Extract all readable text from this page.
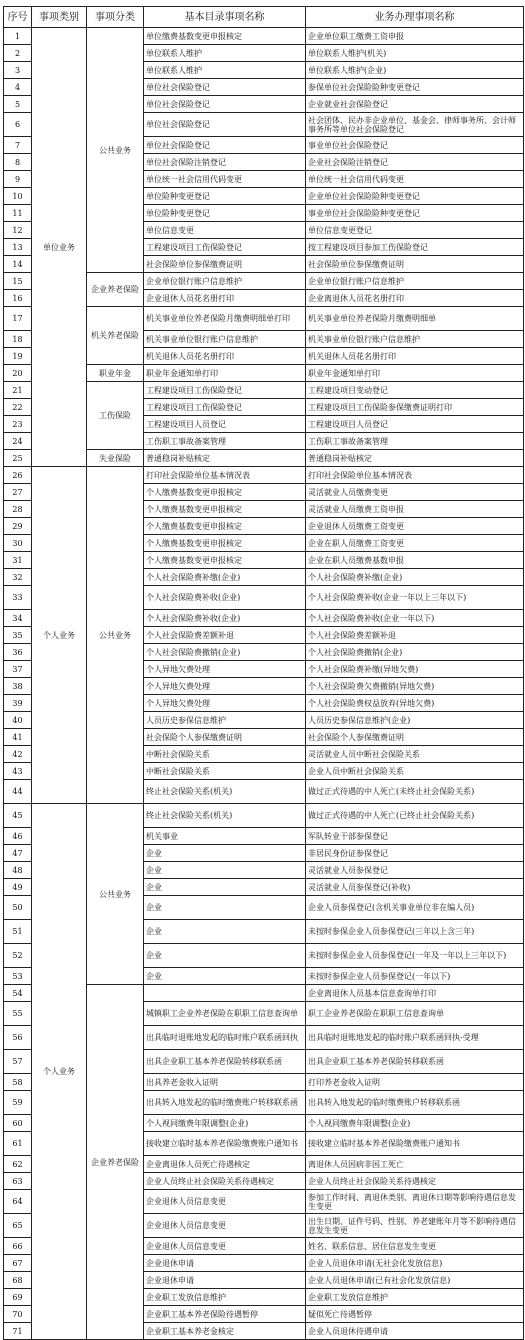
序号	事项类别	事项分类	基本目录事项名称	业务办理事项名称
1	单位业务	公共业务	单位缴费基数变更申报核定	企业单位职工缴费工资申报
2			单位联系人维护	单位联系人维护(机关)
3			单位联系人维护	单位联系人维护(企业)
4			单位社会保险登记	参保单位社会保险险种变更登记
5			单位社会保险登记	企业就业社会保险登记
6			单位社会保险登记	社会团体、民办非企业单位、基金会、律师事务所、会计师事务所等单位社会保险登记
7			单位社会保险登记	事业单位社会保险登记
8			单位社会保险注销登记	企业社会保险注销登记
9			单位统一社会信用代码变更	单位统一社会信用代码变更
10			单位险种变更登记	企业单位社会保险险种变更登记
11			单位险种变更登记	事业单位社会保险险种变更登记
12			单位信息变更	单位信息变更登记
13			工程建设项目工伤保险登记	按工程建设项目参加工伤保险登记
14			社会保险单位参保缴费证明	社会保险单位参保缴费证明
15		企业养老保险	企业单位银行账户信息维护	企业单位银行账户信息维护
16			企业退休人员花名册打印	企业离退休人员花名册打印
17		机关养老保险	机关事业单位养老保险月缴费明细单打印	机关事业单位养老保险月缴费明细单
18			机关事业单位银行账户信息维护	机关事业单位银行账户信息维护
19			机关退休人员花名册打印	机关退休人员花名册打印
20		职业年金	职业年金通知单打印	职业年金通知单打印
21		工伤保险	工程建设项目工伤保险登记	工程建设项目变动登记
22			工程建设项目工伤保险登记	工程建设项目工伤保险参保缴费证明打印
23			工程建设项目人员登记	工程建设项目人员登记
24			工伤职工事故备案管理	工伤职工事故备案管理
25		失业保险	普通稳岗补贴核定	普通稳岗补贴核定
26	个人业务	公共业务	打印社会保险单位基本情况表	打印社会保险单位基本情况表
27			个人缴费基数变更申报核定	灵活就业人员缴费变更
28			个人缴费基数变更申报核定	灵活就业人员缴费工资申报
29			个人缴费基数变更申报核定	企业退休人员缴费工资变更
30			个人缴费基数变更申报核定	企业在职人员缴费工资变更
31			个人缴费基数变更申报核定	企业在职人员缴费基数申报
32			个人社会保险费补缴(企业)	个人社会保险费补缴(企业)
33			个人社会保险费补收(企业)	个人社会保险费补收(企业一年以上三年以下)
34			个人社会保险费补收(企业)	个人社会保险费补收(企业一年以下)
35			个人社会保险费差额补退	个人社会保险费差额补退
36			个人社会保险费撤销(企业)	个人社会保险费撤销(企业)
37			个人异地欠费处理	个人社会保险费补缴(异地欠费)
38			个人异地欠费处理	个人社会保险费欠费撤销(异地欠费)
39			个人异地欠费处理	个人社会保险费权益放弃(异地欠费)
40			人员历史参保信息维护	人员历史参保信息维护(企业)
41			社会保险个人参保缴费证明	社会保险个人参保缴费证明
42			中断社会保险关系	灵活就业人员中断社会保险关系
43			中断社会保险关系	企业人员中断社会保险关系
44			终止社会保险关系(机关)	做过正式待遇的中人死亡(未终止社会保险关系)
45	个人业务	公共业务	终止社会保险关系(机关)	做过正式待遇的中人死亡(已终止社会保险关系)
46			机关事业	军队转业干部参保登记
47			企业	非居民身份证参保登记
48			企业	灵活就业人员参保登记
49			企业	灵活就业人员参保登记(补收)
50			企业	企业人员参保登记(含机关事业单位非在编人员)
51			企业	未按时参保企业人员参保登记(三年以上含三年)
52			企业	未按时参保企业人员参保登记(一年及一年以上三年以下)
53			企业	未按时参保企业人员参保登记(一年以下)
54		企业养老保险		企业离退休人员基本信息查询单打印
55			城镇职工企业养老保险在职职工信息查询单	职工企业养老保险在职职工信息查询单
56			出具临时退账地发起的临时账户联系函回执	出具临时退账地发起的临时账户联系函回执-受理
57			出具企业职工基本养老保险转移联系函	出具企业职工基本养老保险转移联系函
58			出具养老金收入证明	打印养老金收入证明
59			出具转入地发起的临时缴费账户转移联系函	出具转入地发起的临时缴费账户转移联系函
60			个人视同缴费年限调整(企业)	个人视同缴费年限调整(企业)
61			接收建立临时基本养老保险缴费账户通知书	接收建立临时基本养老保险缴费账户通知书
62			企业离退休人员死亡待遇核定	离退休人员因病非因工死亡
63			企业人员终止社会保险关系待遇核定	企业人员终止社会保险关系待遇核定
64			企业退休人员信息变更	参加工作时间、离退休类别、离退休日期等影响待遇信息发生变更
65			企业退休人员信息变更	出生日期、证件号码、性别、养老建账年月等不影响待遇信息发生变更
66			企业退休人员信息变更	姓名、联系信息、居住信息发生变更
67			企业退休申请	企业人员退休申请(无社会化发放信息)
68			企业退休申请	企业人员退休申请(已有社会化发放信息)
69			企业职工发放信息维护	企业职工发放信息维护
70			企业职工基本养老保险待遇暂停	疑似死亡待遇暂停
71			企业职工基本养老金核定	企业人员退休待遇申请
